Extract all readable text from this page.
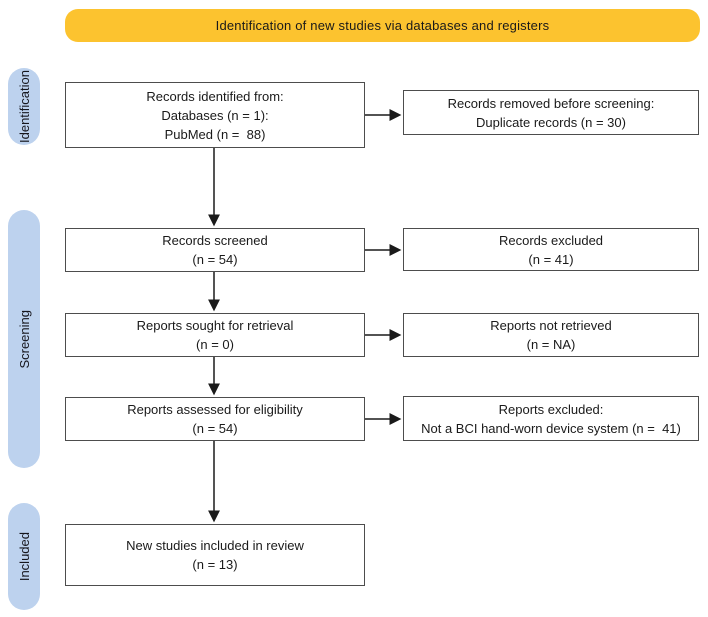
Identification of new studies via databases and registers
Identification
Screening
Included
Records identified from:
Databases (n = 1):
PubMed (n =  88)
Records screened
(n = 54)
Reports sought for retrieval
(n = 0)
Reports assessed for eligibility
(n = 54)
New studies included in review
(n = 13)
Records removed before screening:
Duplicate records (n = 30)
Records excluded
(n = 41)
Reports not retrieved
(n = NA)
Reports excluded:
Not a BCI hand-worn device system (n =  41)
